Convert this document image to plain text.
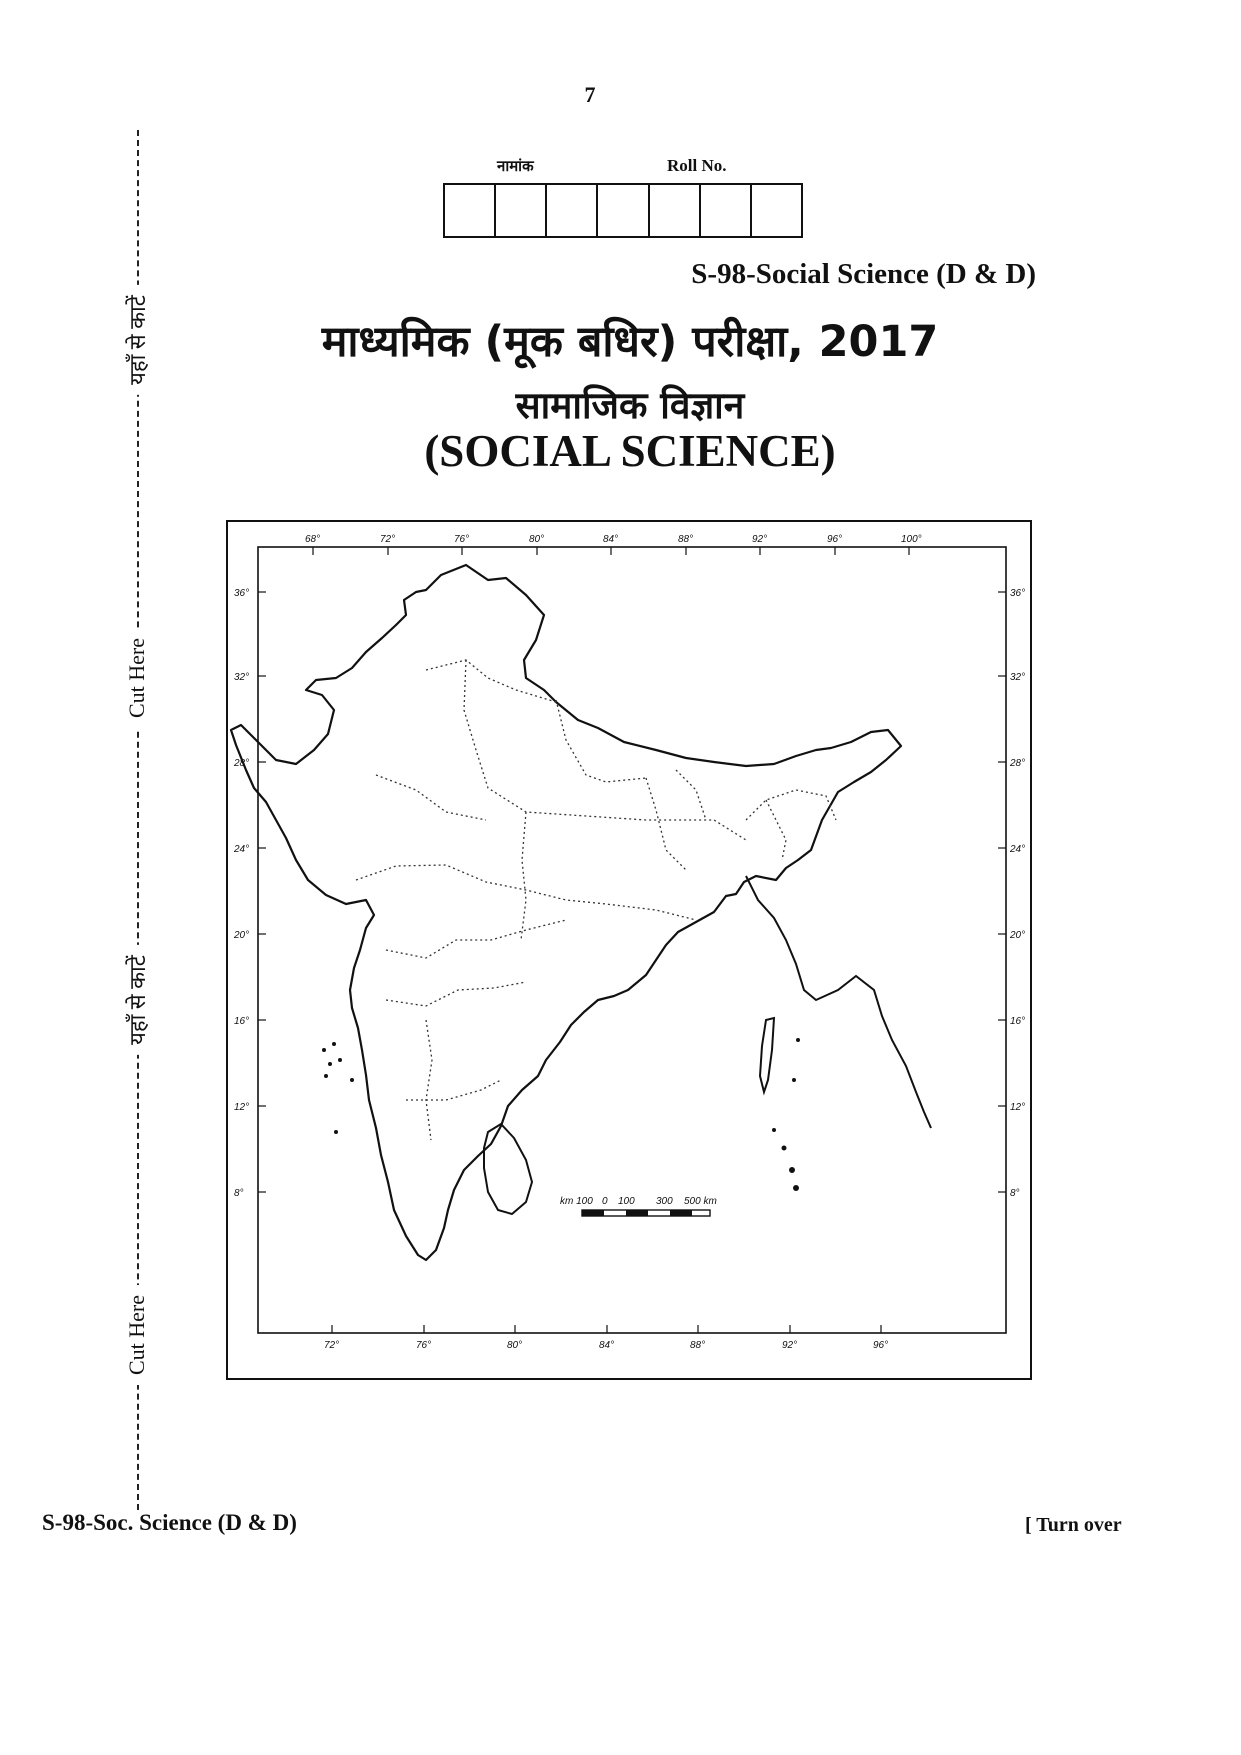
7
यहाँ से काटें
Cut Here
यहाँ से काटें
Cut Here
नामांक	Roll No.
S-98-Social Science (D & D)
माध्यमिक (मूक बधिर) परीक्षा, 2017
सामाजिक विज्ञान
(SOCIAL SCIENCE)
68°	72°	76°	80°	84°	88°	92°	96°	100°
72°	76°	80°	84°	88°	92°	96°
36°	36°
32°	32°
28°	28°
24°	24°
20°	20°
16°	16°
12°	12°
8°	8°
km 100 0 100 300 500 km
S-98-Soc. Science (D & D)	[ Turn over
